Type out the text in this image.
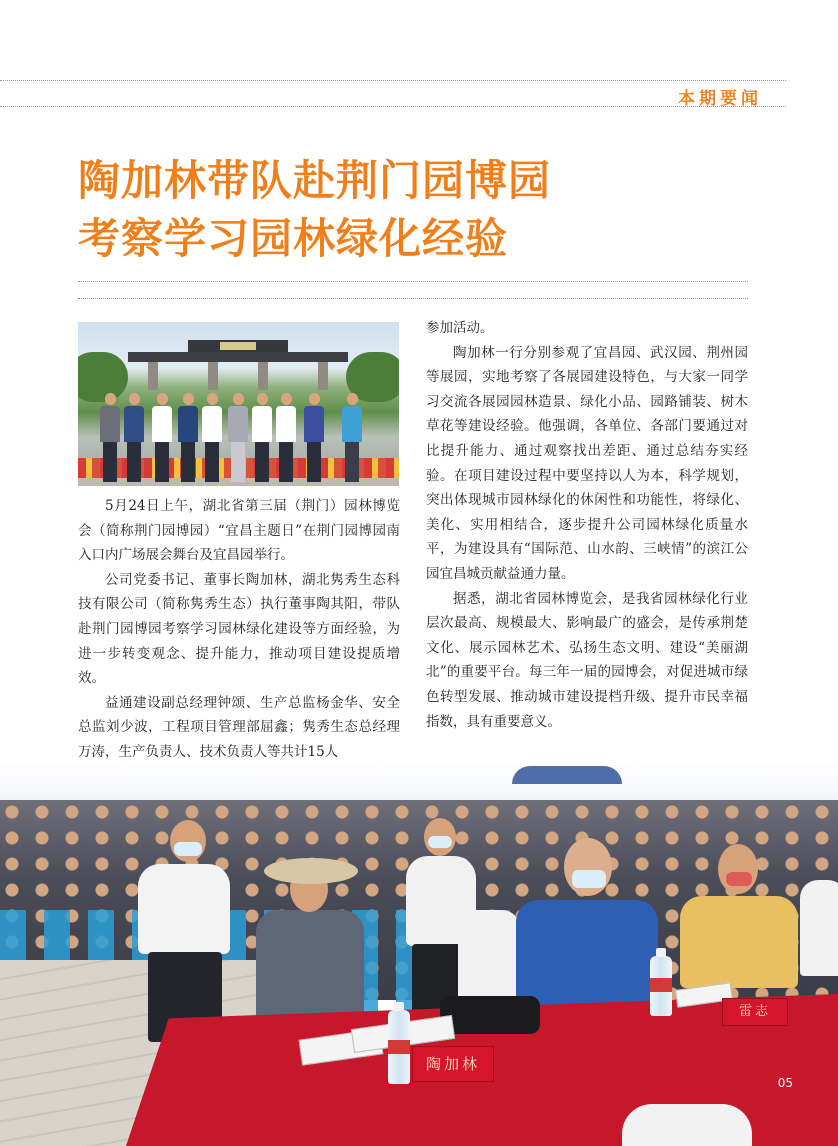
本期要闻
陶加林带队赴荆门园博园
考察学习园林绿化经验

5月24日上午，湖北省第三届（荆门）园林博览会（简称荆门园博园）“宜昌主题日”在荆门园博园南入口内广场展会舞台及宜昌园举行。

公司党委书记、董事长陶加林，湖北隽秀生态科技有限公司（简称隽秀生态）执行董事陶其阳，带队赴荆门园博园考察学习园林绿化建设等方面经验，为进一步转变观念、提升能力，推动项目建设提质增效。

益通建设副总经理钟颂、生产总监杨金华、安全总监刘少波，工程项目管理部屈鑫；隽秀生态总经理万涛，生产负责人、技术负责人等共计15人

参加活动。

陶加林一行分别参观了宜昌园、武汉园、荆州园等展园，实地考察了各展园建设特色，与大家一同学习交流各展园园林造景、绿化小品、园路铺装、树木草花等建设经验。他强调，各单位、各部门要通过对比提升能力、通过观察找出差距、通过总结夯实经验。在项目建设过程中要坚持以人为本，科学规划，突出体现城市园林绿化的休闲性和功能性，将绿化、美化、实用相结合，逐步提升公司园林绿化质量水平，为建设具有“国际范、山水韵、三峡情”的滨江公园宜昌城贡献益通力量。

据悉，湖北省园林博览会，是我省园林绿化行业层次最高、规模最大、影响最广的盛会，是传承荆楚文化、展示园林艺术、弘扬生态文明、建设“美丽湖北”的重要平台。每三年一届的园博会，对促进城市绿色转型发展、推动城市建设提档升级、提升市民幸福指数，具有重要意义。

陶加林
雷志
05
